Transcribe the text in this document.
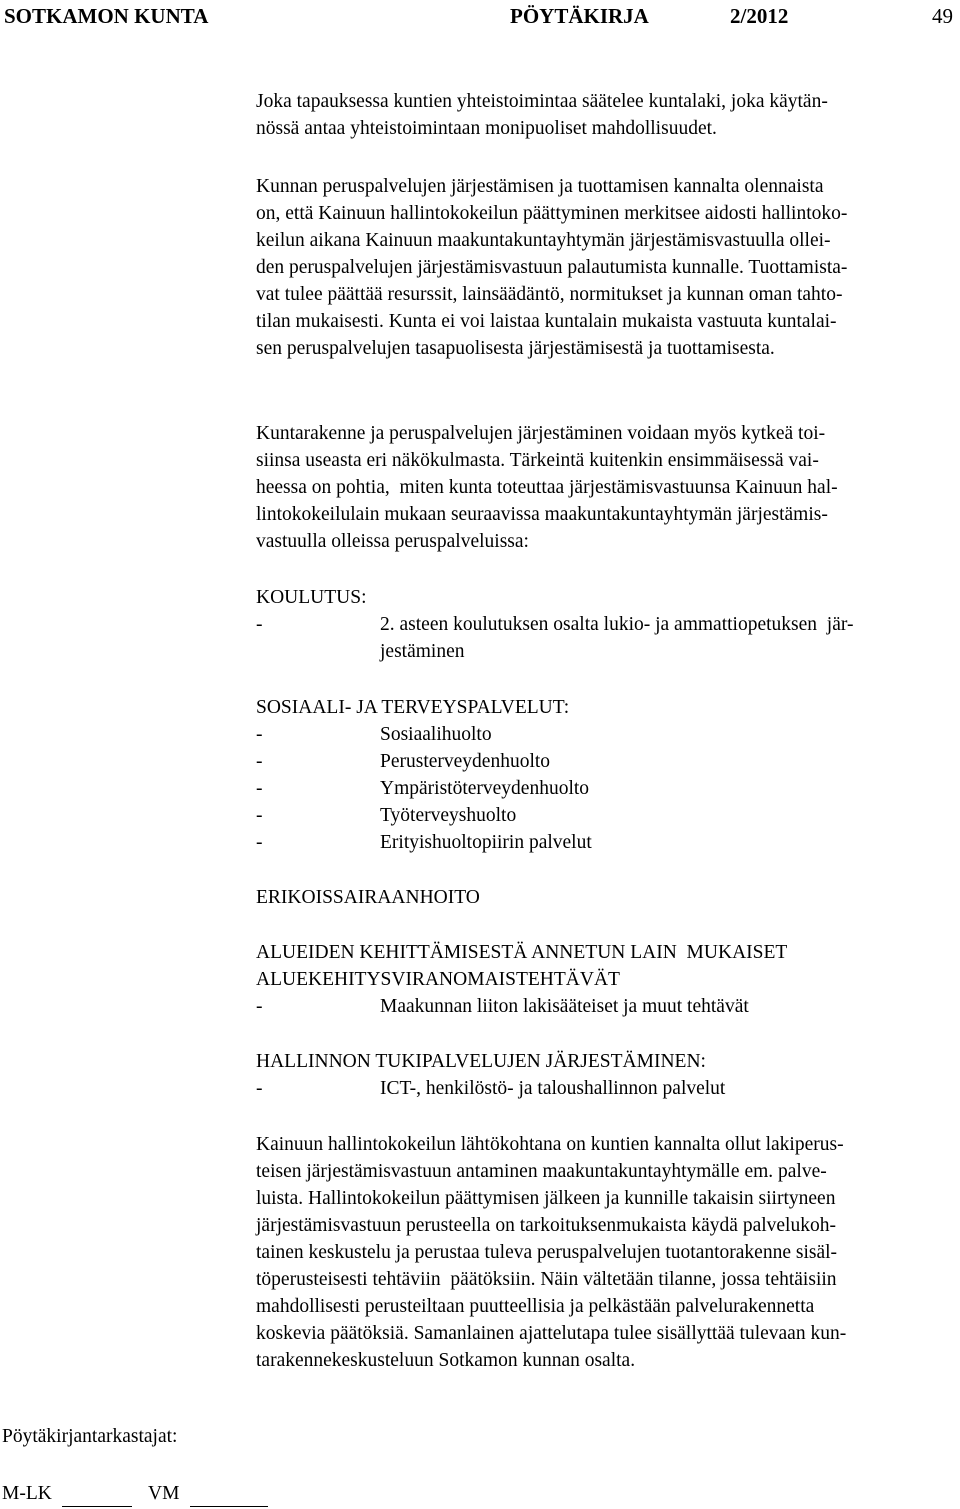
SOTKAMON KUNTA	PÖYTÄKIRJA	2/2012	49
Joka tapauksessa kuntien yhteistoimintaa säätelee kuntalaki, joka käytän-
nössä antaa yhteistoimintaan monipuoliset mahdollisuudet.
Kunnan peruspalvelujen järjestämisen ja tuottamisen kannalta olennaista
on, että Kainuun hallintokokeilun päättyminen merkitsee aidosti hallintoko-
keilun aikana Kainuun maakuntakuntayhtymän järjestämisvastuulla ollei-
den peruspalvelujen järjestämisvastuun palautumista kunnalle. Tuottamista-
vat tulee päättää resurssit, lainsäädäntö, normitukset ja kunnan oman tahto-
tilan mukaisesti. Kunta ei voi laistaa kuntalain mukaista vastuuta kuntalai-
sen peruspalvelujen tasapuolisesta järjestämisestä ja tuottamisesta.
Kuntarakenne ja peruspalvelujen järjestäminen voidaan myös kytkeä toi-
siinsa useasta eri näkökulmasta. Tärkeintä kuitenkin ensimmäisessä vai-
heessa on pohtia,  miten kunta toteuttaa järjestämisvastuunsa Kainuun hal-
lintokokeilulain mukaan seuraavissa maakuntakuntayhtymän järjestämis-
vastuulla olleissa peruspalveluissa:
KOULUTUS:
-	2. asteen koulutuksen osalta lukio- ja ammattiopetuksen  jär-
jestäminen
SOSIAALI- JA TERVEYSPALVELUT:
-	Sosiaalihuolto
-	Perusterveydenhuolto
-	Ympäristöterveydenhuolto
-	Työterveyshuolto
-	Erityishuoltopiirin palvelut
ERIKOISSAIRAANHOITO
ALUEIDEN KEHITTÄMISESTÄ ANNETUN LAIN  MUKAISET
ALUEKEHITYSVIRANOMAISTEHTÄVÄT
-	Maakunnan liiton lakisääteiset ja muut tehtävät
HALLINNON TUKIPALVELUJEN JÄRJESTÄMINEN:
-	ICT-, henkilöstö- ja taloushallinnon palvelut
Kainuun hallintokokeilun lähtökohtana on kuntien kannalta ollut lakiperus-
teisen järjestämisvastuun antaminen maakuntakuntayhtymälle em. palve-
luista. Hallintokokeilun päättymisen jälkeen ja kunnille takaisin siirtyneen
järjestämisvastuun perusteella on tarkoituksenmukaista käydä palvelukoh-
tainen keskustelu ja perustaa tuleva peruspalvelujen tuotantorakenne sisäl-
töperusteisesti tehtäviin  päätöksiin. Näin vältetään tilanne, jossa tehtäisiin
mahdollisesti perusteiltaan puutteellisia ja pelkästään palvelurakennetta
koskevia päätöksiä. Samanlainen ajattelutapa tulee sisällyttää tulevaan kun-
tarakennekeskusteluun Sotkamon kunnan osalta.
Pöytäkirjantarkastajat:
M-LK	VM
